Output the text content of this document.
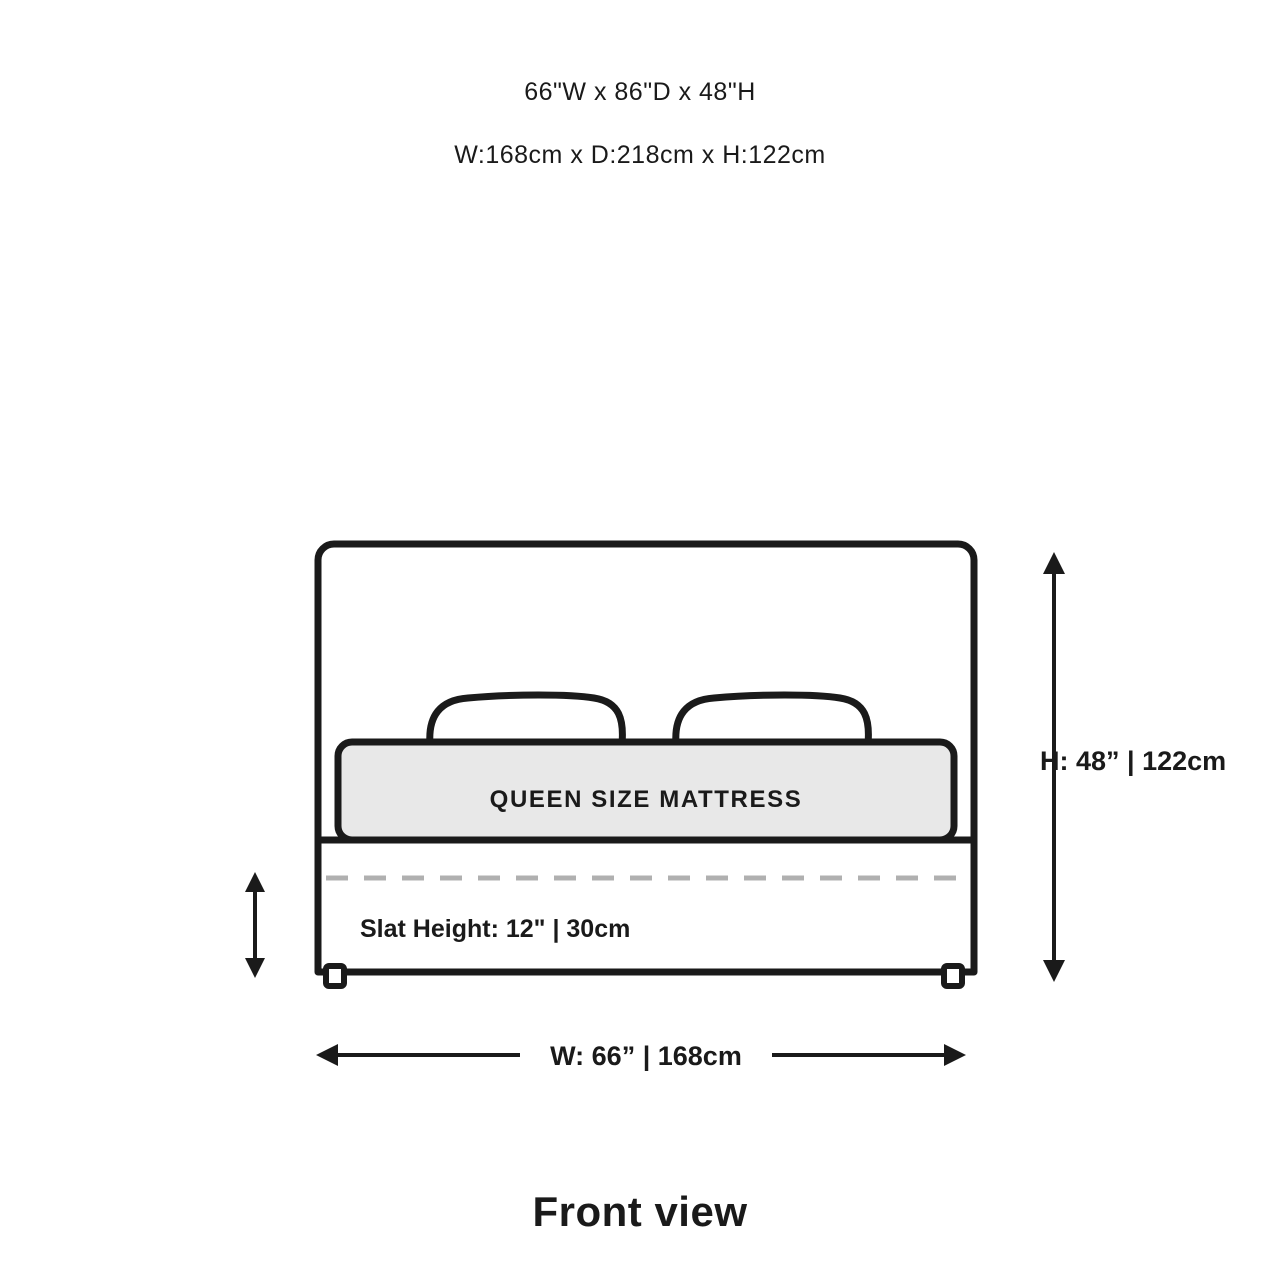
66"W x 86"D x 48"H
W:168cm x D:218cm x H:122cm
QUEEN SIZE MATTRESS
Slat Height: 12" | 30cm
H: 48” | 122cm
W: 66” | 168cm
Front view
